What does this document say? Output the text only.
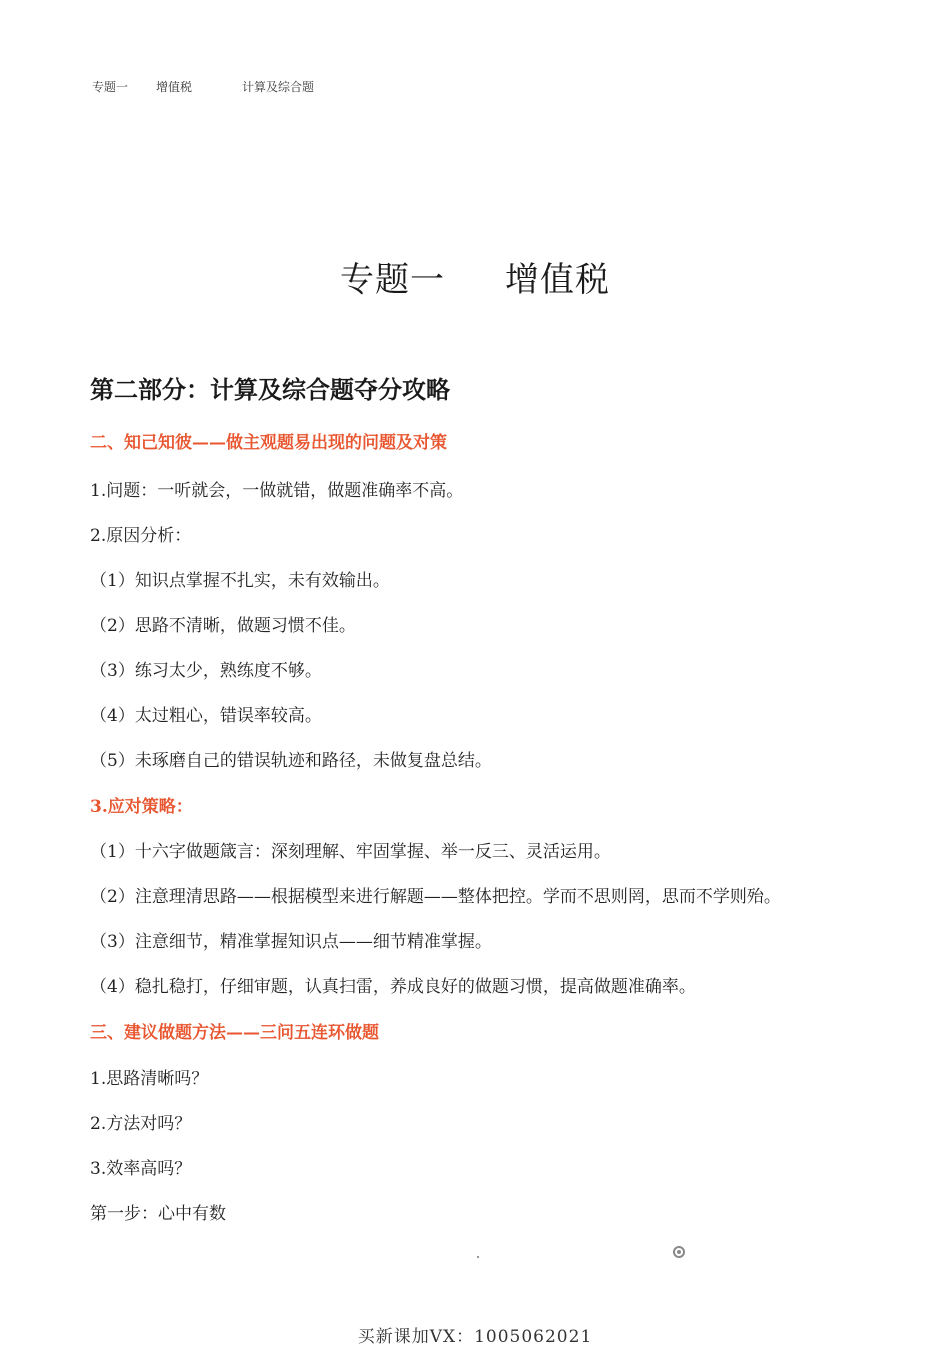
专题一 增值税	计算及综合题
专题一 增值税
第二部分：计算及综合题夺分攻略
二、知己知彼——做主观题易出现的问题及对策
1.问题：一听就会，一做就错，做题准确率不高。
2.原因分析：
（1）知识点掌握不扎实，未有效输出。
（2）思路不清晰，做题习惯不佳。
（3）练习太少，熟练度不够。
（4）太过粗心，错误率较高。
（5）未琢磨自己的错误轨迹和路径，未做复盘总结。
3.应对策略：
（1）十六字做题箴言：深刻理解、牢固掌握、举一反三、灵活运用。
（2）注意理清思路——根据模型来进行解题——整体把控。学而不思则罔，思而不学则殆。
（3）注意细节，精准掌握知识点——细节精准掌握。
（4）稳扎稳打，仔细审题，认真扫雷，养成良好的做题习惯，提高做题准确率。
三、建议做题方法——三问五连环做题
1.思路清晰吗？
2.方法对吗？
3.效率高吗？
第一步：心中有数
买新课加VX：1005062021
